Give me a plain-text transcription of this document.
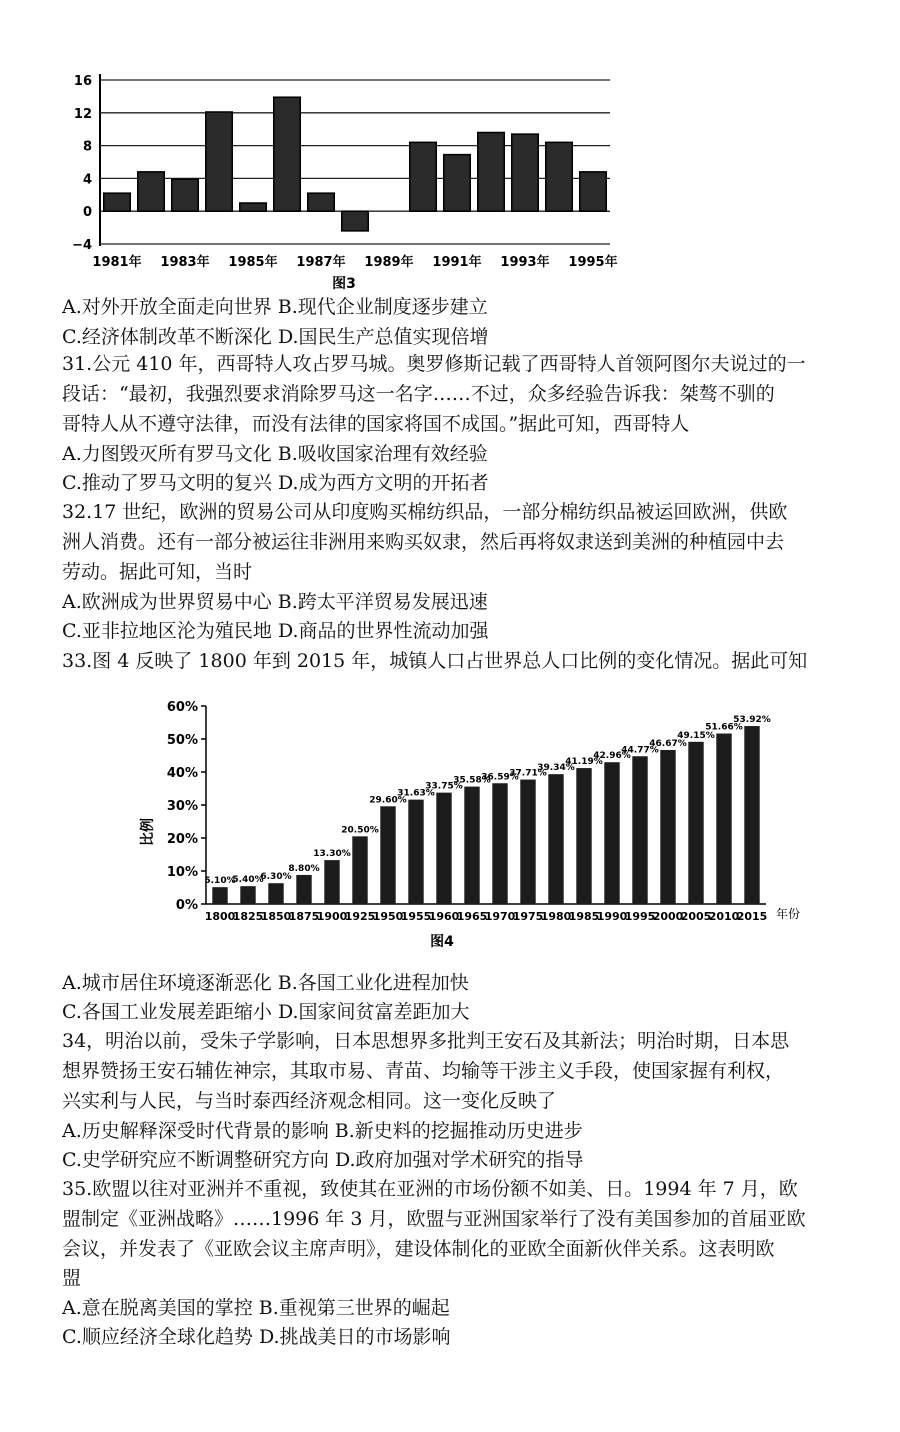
16
12
8
4
0
−4
1981年 1983年 1985年 1987年 1989年 1991年 1993年 1995年
图3
A.对外开放全面走向世界 B.现代企业制度逐步建立
C.经济体制改革不断深化 D.国民生产总值实现倍增
31.公元 410 年，西哥特人攻占罗马城。奥罗修斯记载了西哥特人首领阿图尔夫说过的一
段话：“最初，我强烈要求消除罗马这一名字……不过，众多经验告诉我：桀骜不驯的
哥特人从不遵守法律，而没有法律的国家将国不成国。”据此可知，西哥特人
A.力图毁灭所有罗马文化 B.吸收国家治理有效经验
C.推动了罗马文明的复兴 D.成为西方文明的开拓者
32.17 世纪，欧洲的贸易公司从印度购买棉纺织品，一部分棉纺织品被运回欧洲，供欧
洲人消费。还有一部分被运往非洲用来购买奴隶，然后再将奴隶送到美洲的种植园中去
劳动。据此可知，当时
A.欧洲成为世界贸易中心 B.跨太平洋贸易发展迅速
C.亚非拉地区沦为殖民地 D.商品的世界性流动加强
33.图 4 反映了 1800 年到 2015 年，城镇人口占世界总人口比例的变化情况。据此可知
5.10%
5.40%
6.30%
8.80%
13.30%
20.50%
29.60%
31.63%
33.75%
35.58%
36.59%
37.71%
39.34%
41.19%
42.96%
44.77%
46.67%
49.15%
51.66%
53.92%
0%
10%
20%
30%
40%
50%
60%
1800
1825
1850
1875
1900
1925
1950
1955
1960
1965
1970
1975
1980
1985
1990
1995
2000
2005
2010
2015
比例
年份
图4
A.城市居住环境逐渐恶化 B.各国工业化进程加快
C.各国工业发展差距缩小 D.国家间贫富差距加大
34，明治以前，受朱子学影响，日本思想界多批判王安石及其新法；明治时期，日本思
想界赞扬王安石辅佐神宗，其取市易、青苗、均输等干涉主义手段，使国家握有利权，
兴实利与人民，与当时泰西经济观念相同。这一变化反映了
A.历史解释深受时代背景的影响 B.新史料的挖掘推动历史进步
C.史学研究应不断调整研究方向 D.政府加强对学术研究的指导
35.欧盟以往对亚洲并不重视，致使其在亚洲的市场份额不如美、日。1994 年 7 月，欧
盟制定《亚洲战略》……1996 年 3 月，欧盟与亚洲国家举行了没有美国参加的首届亚欧
会议，并发表了《亚欧会议主席声明》，建设体制化的亚欧全面新伙伴关系。这表明欧
盟
A.意在脱离美国的掌控 B.重视第三世界的崛起
C.顺应经济全球化趋势 D.挑战美日的市场影响
